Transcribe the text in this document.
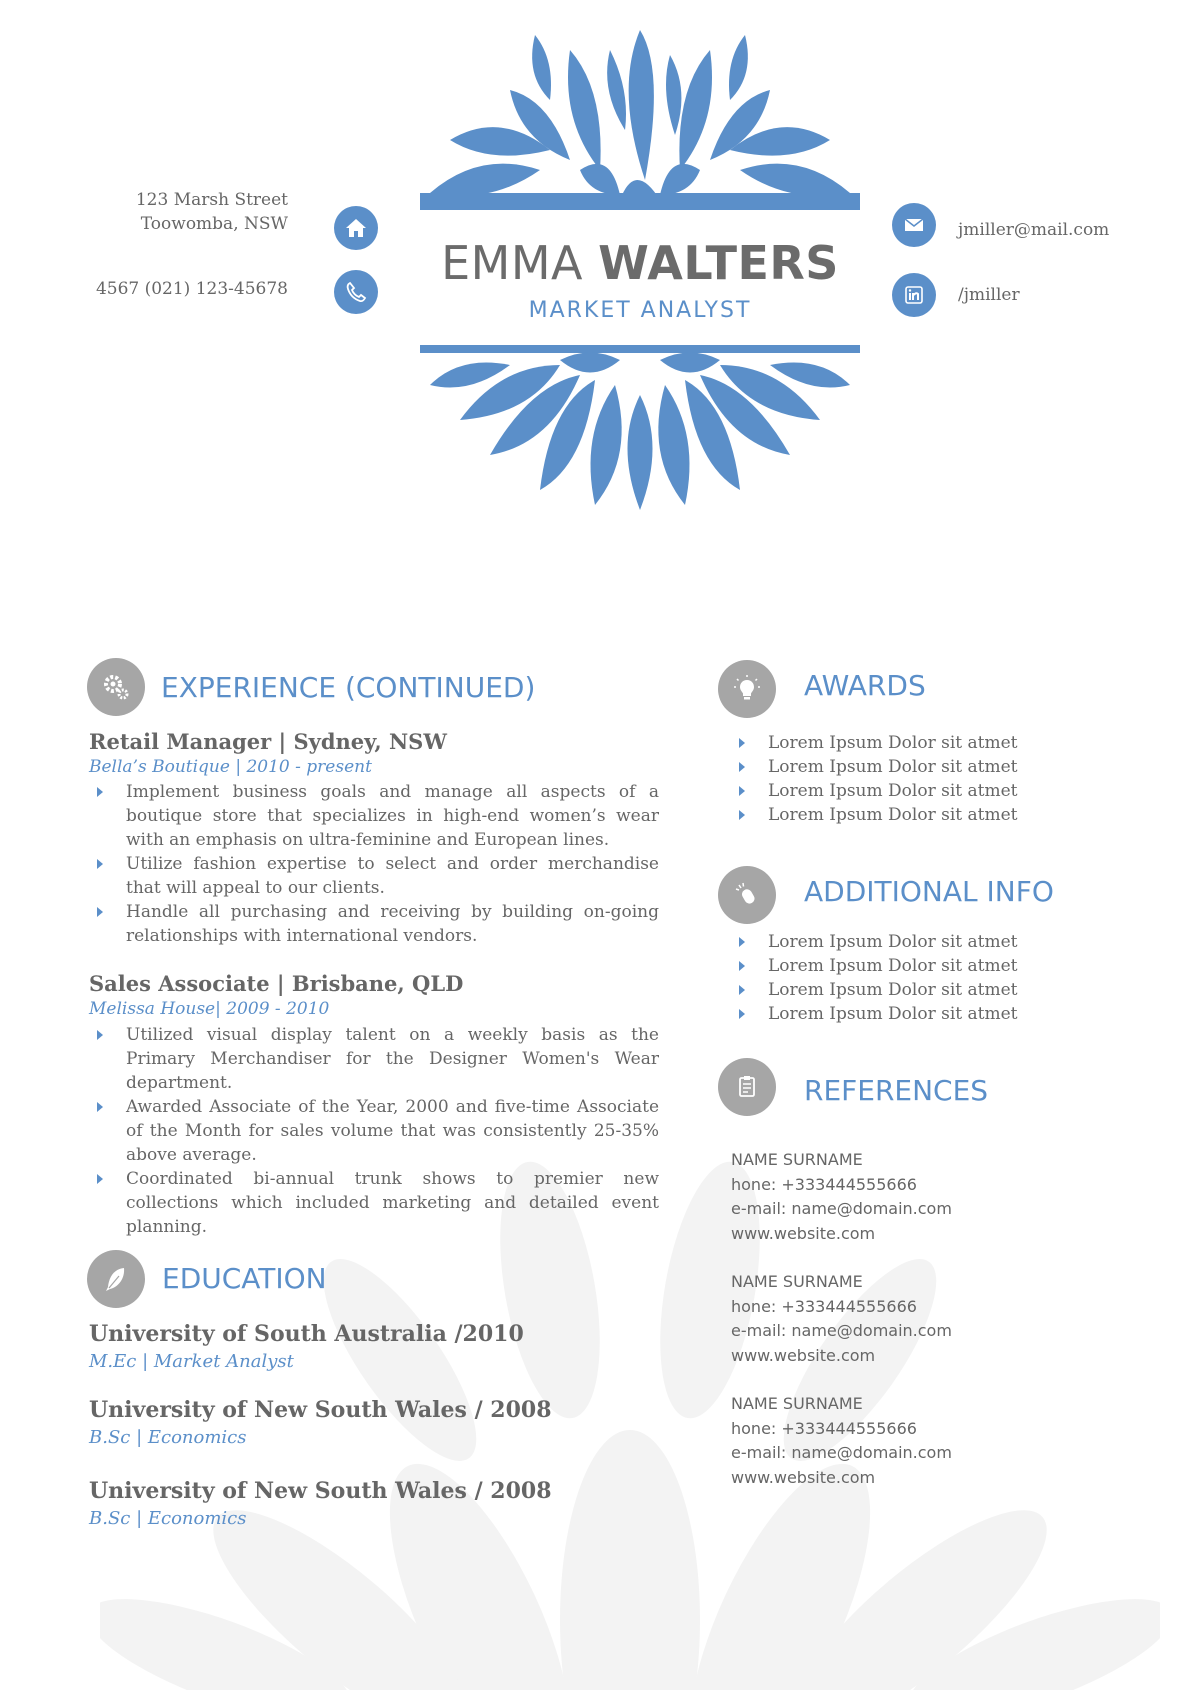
123 Marsh Street
Toowomba, NSW
4567 (021) 123-45678
jmiller@mail.com
/jmiller
EMMA WALTERS
MARKET ANALYST
EXPERIENCE (CONTINUED)
Retail Manager | Sydney, NSW
Bella’s Boutique | 2010 - present
Implement business goals and manage all aspects of a boutique store that specializes in high-end women’s wear with an emphasis on ultra-feminine and European lines.
Utilize fashion expertise to select and order merchandise that will appeal to our clients.
Handle all purchasing and receiving by building on-going relationships with international vendors.
Sales Associate | Brisbane, QLD
Melissa House| 2009 - 2010
Utilized visual display talent on a weekly basis as the Primary Merchandiser for the Designer Women's Wear department.
Awarded Associate of the Year, 2000 and five-time Associate of the Month for sales volume that was consistently 25-35% above average.
Coordinated bi-annual trunk shows to premier new collections which included marketing and detailed event planning.
EDUCATION
University of South Australia /2010
M.Ec | Market Analyst
University of New South Wales / 2008
B.Sc | Economics
University of New South Wales / 2008
B.Sc | Economics
AWARDS
Lorem Ipsum Dolor sit atmet
Lorem Ipsum Dolor sit atmet
Lorem Ipsum Dolor sit atmet
Lorem Ipsum Dolor sit atmet
ADDITIONAL INFO
Lorem Ipsum Dolor sit atmet
Lorem Ipsum Dolor sit atmet
Lorem Ipsum Dolor sit atmet
Lorem Ipsum Dolor sit atmet
REFERENCES
NAME SURNAME
hone: +333444555666
e-mail: name@domain.com
www.website.com
NAME SURNAME
hone: +333444555666
e-mail: name@domain.com
www.website.com
NAME SURNAME
hone: +333444555666
e-mail: name@domain.com
www.website.com
